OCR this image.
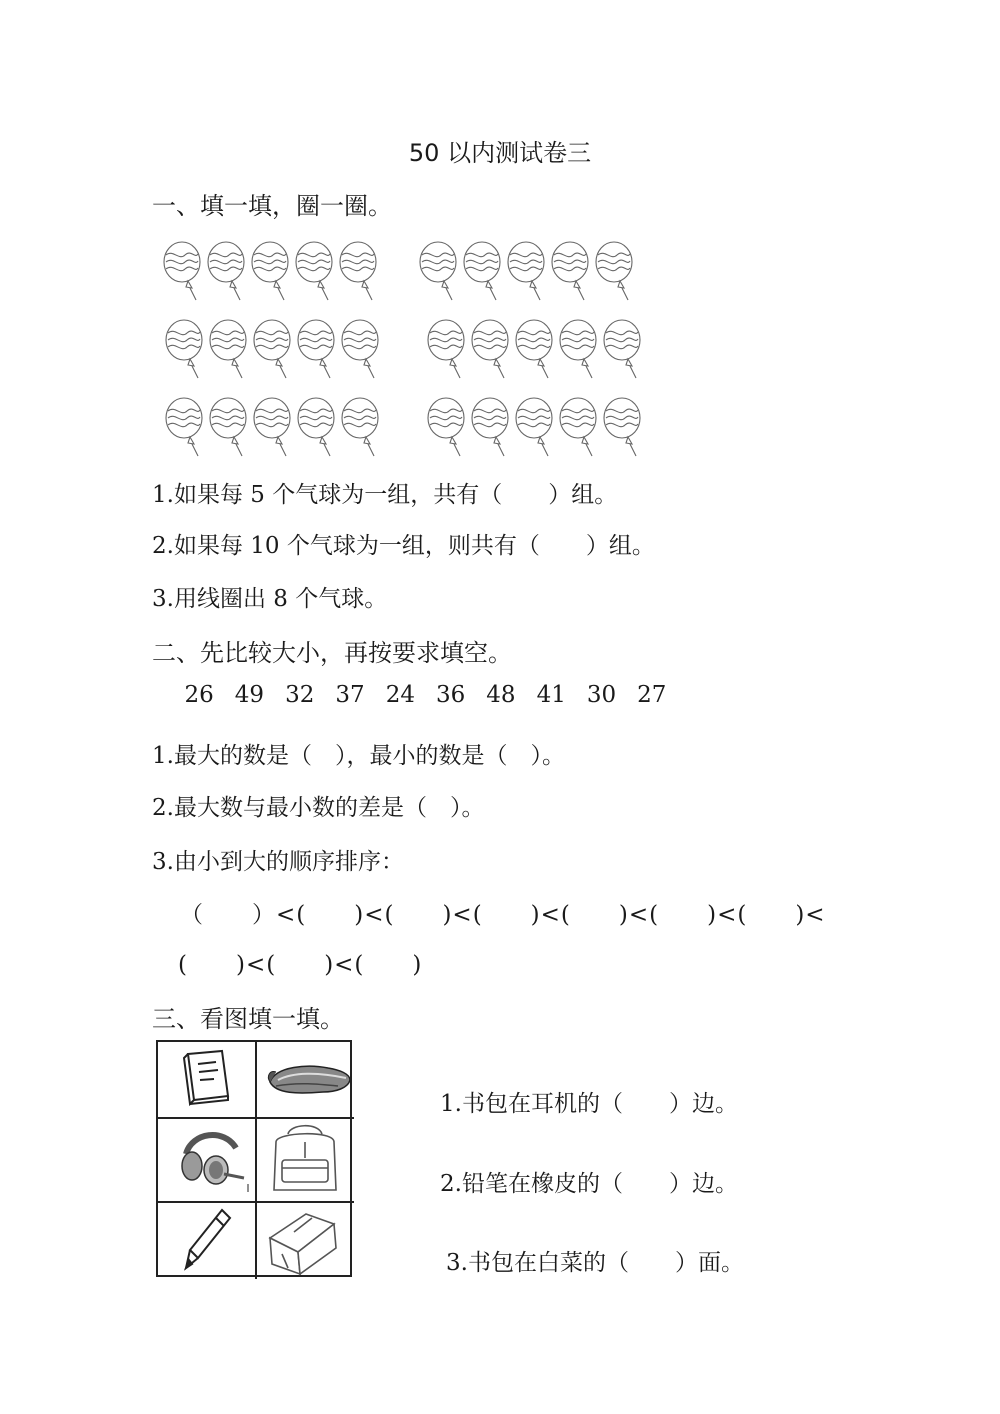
50 以内测试卷三
一、填一填，圈一圈。
1.如果每 5 个气球为一组，共有（　　）组。
2.如果每 10 个气球为一组，则共有（　　）组。
3.用线圈出 8 个气球。
二、先比较大小，再按要求填空。
26 49 32 37 24 36 48 41 30 27
1.最大的数是（　），最小的数是（　）。
2.最大数与最小数的差是（　）。
3.由小到大的顺序排序：
（　　）<(　　)<(　　)<(　　)<(　　)<(　　)<(　　)<
(　　)<(　　)<(　　)
三、看图填一填。
1.书包在耳机的（　　）边。
2.铅笔在橡皮的（　　）边。
3.书包在白菜的（　　）面。
